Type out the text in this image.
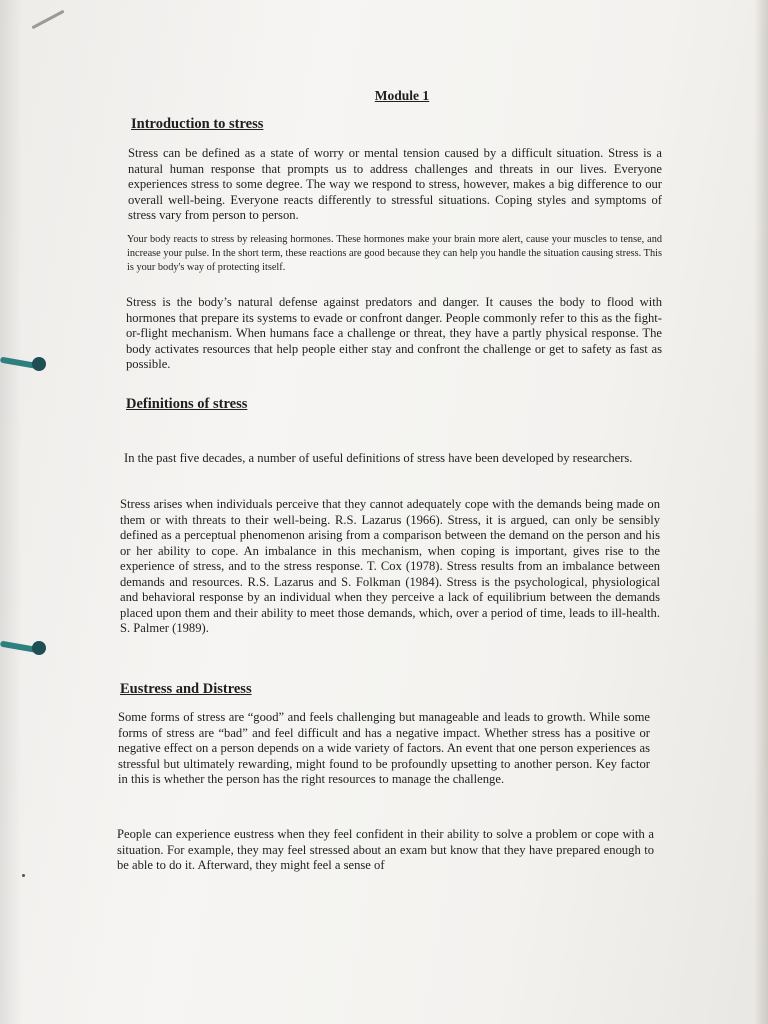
Module 1
Introduction to stress

Stress can be defined as a state of worry or mental tension caused by a difficult situation. Stress is a natural human response that prompts us to address challenges and threats in our lives. Everyone experiences stress to some degree. The way we respond to stress, however, makes a big difference to our overall well-being. Everyone reacts differently to stressful situations. Coping styles and symptoms of stress vary from person to person.

Your body reacts to stress by releasing hormones. These hormones make your brain more alert, cause your muscles to tense, and increase your pulse. In the short term, these reactions are good because they can help you handle the situation causing stress. This is your body's way of protecting itself.

Stress is the body’s natural defense against predators and danger. It causes the body to flood with hormones that prepare its systems to evade or confront danger. People commonly refer to this as the fight-or-flight mechanism. When humans face a challenge or threat, they have a partly physical response. The body activates resources that help people either stay and confront the challenge or get to safety as fast as possible.

Definitions of stress

In the past five decades, a number of useful definitions of stress have been developed by researchers.

Stress arises when individuals perceive that they cannot adequately cope with the demands being made on them or with threats to their well-being. R.S. Lazarus (1966). Stress, it is argued, can only be sensibly defined as a perceptual phenomenon arising from a comparison between the demand on the person and his or her ability to cope. An imbalance in this mechanism, when coping is important, gives rise to the experience of stress, and to the stress response. T. Cox (1978). Stress results from an imbalance between demands and resources. R.S. Lazarus and S. Folkman (1984). Stress is the psychological, physiological and behavioral response by an individual when they perceive a lack of equilibrium between the demands placed upon them and their ability to meet those demands, which, over a period of time, leads to ill-health. S. Palmer (1989).

Eustress and Distress

Some forms of stress are “good” and feels challenging but manageable and leads to growth. While some forms of stress are “bad” and feel difficult and has a negative impact. Whether stress has a positive or negative effect on a person depends on a wide variety of factors. An event that one person experiences as stressful but ultimately rewarding, might found to be profoundly upsetting to another person. Key factor in this is whether the person has the right resources to manage the challenge.

People can experience eustress when they feel confident in their ability to solve a problem or cope with a situation. For example, they may feel stressed about an exam but know that they have prepared enough to be able to do it. Afterward, they might feel a sense of
